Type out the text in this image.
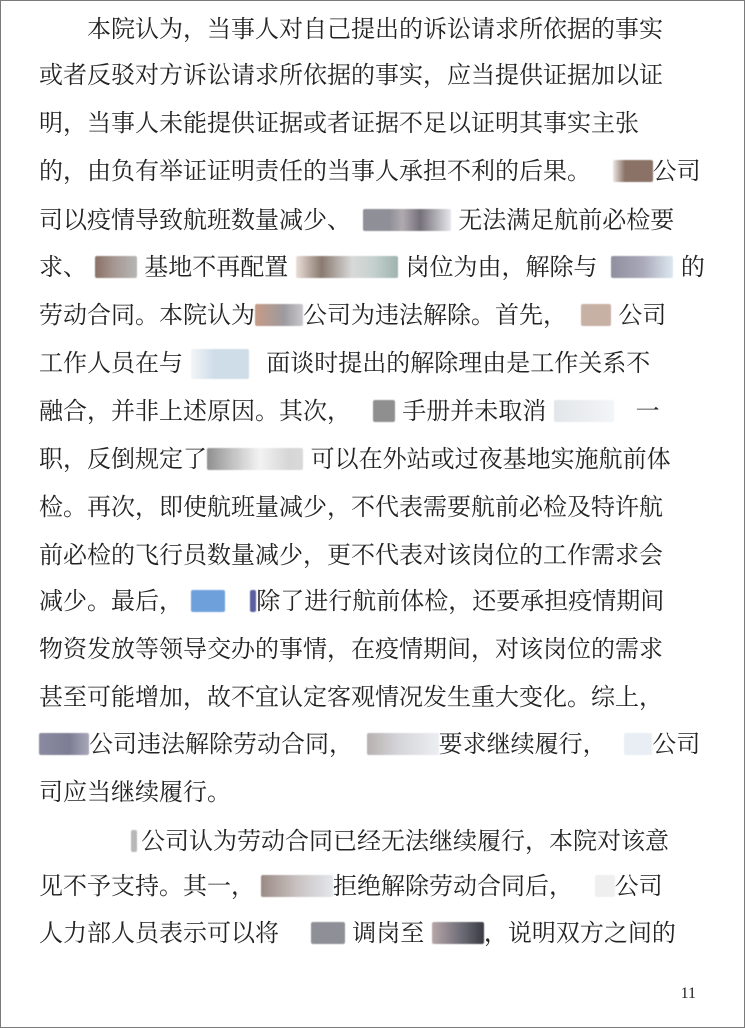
本院认为，当事人对自己提出的诉讼请求所依据的事实
或者反驳对方诉讼请求所依据的事实，应当提供证据加以证
明，当事人未能提供证据或者证据不足以证明其事实主张
的，由负有举证证明责任的当事人承担不利的后果。	公司
司以疫情导致航班数量减少、	无法满足航前必检要
求、 基地不再配置	岗位为由，解除与	的
劳动合同。本院认为 公司为违法解除。首先， 公司
工作人员在与	面谈时提出的解除理由是工作关系不
融合，并非上述原因。其次， 手册并未取消	一
职，反倒规定了	可以在外站或过夜基地实施航前体
检。再次，即使航班量减少，不代表需要航前必检及特许航
前必检的飞行员数量减少，更不代表对该岗位的工作需求会
减少。最后，	除了进行航前体检，还要承担疫情期间
物资发放等领导交办的事情，在疫情期间，对该岗位的需求
甚至可能增加，故不宜认定客观情况发生重大变化。综上，
公司违法解除劳动合同，	要求继续履行， 公司
司应当继续履行。
公司认为劳动合同已经无法继续履行，本院对该意
见不予支持。其一，	拒绝解除劳动合同后， 公司
人力部人员表示可以将	调岗至 ，说明双方之间的
11
